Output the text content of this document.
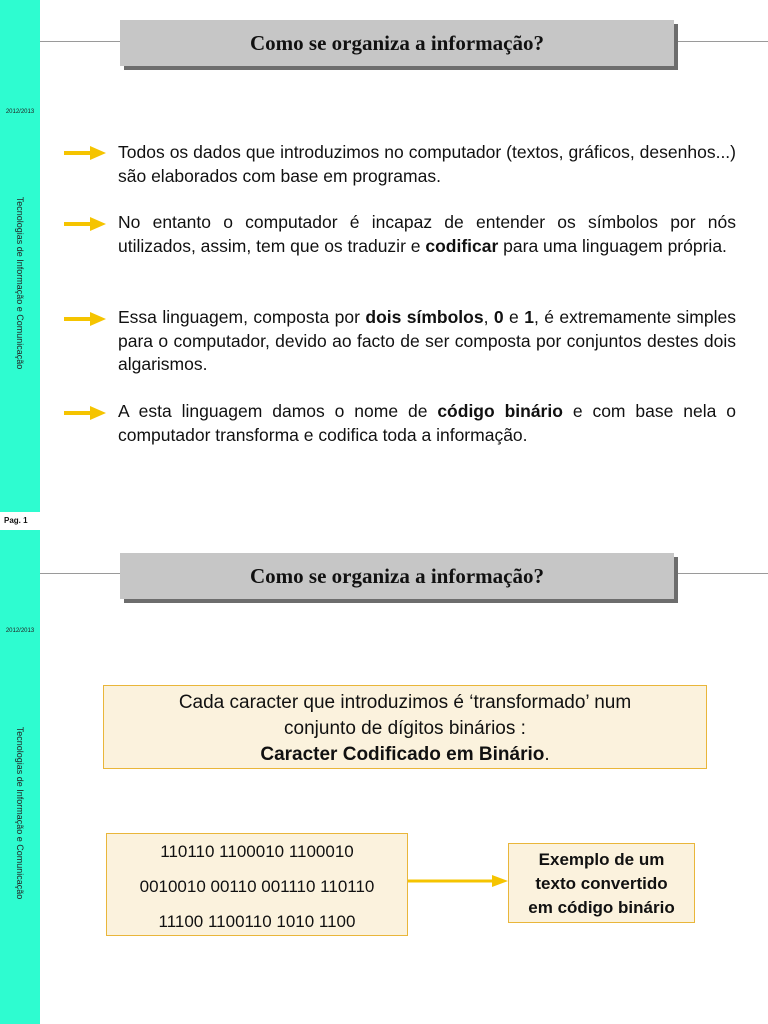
2012/2013
Tecnologias de Informação e Comunicação
Pag. 1
2012/2013
Tecnologias de Informação e Comunicação
Como se organiza a informação?
Todos os dados que introduzimos no computador (textos, gráficos, desenhos...) são elaborados com base em programas.
No entanto o computador é incapaz de entender os símbolos por nós utilizados, assim, tem que os traduzir e codificar para uma linguagem própria.
Essa linguagem, composta por dois símbolos, 0 e 1, é extremamente simples para o computador, devido ao facto de ser composta por conjuntos destes dois algarismos.
A esta linguagem damos o nome de código binário e com base nela o computador transforma e codifica toda a informação.
Como se organiza a informação?
Cada caracter que introduzimos é ‘transformado’ num
conjunto de dígitos binários :
Caracter Codificado em Binário.
110110 1100010 1100010
0010010 00110 001110 110110
11100 1100110 1010 1100
Exemplo de um
texto convertido
em código binário
